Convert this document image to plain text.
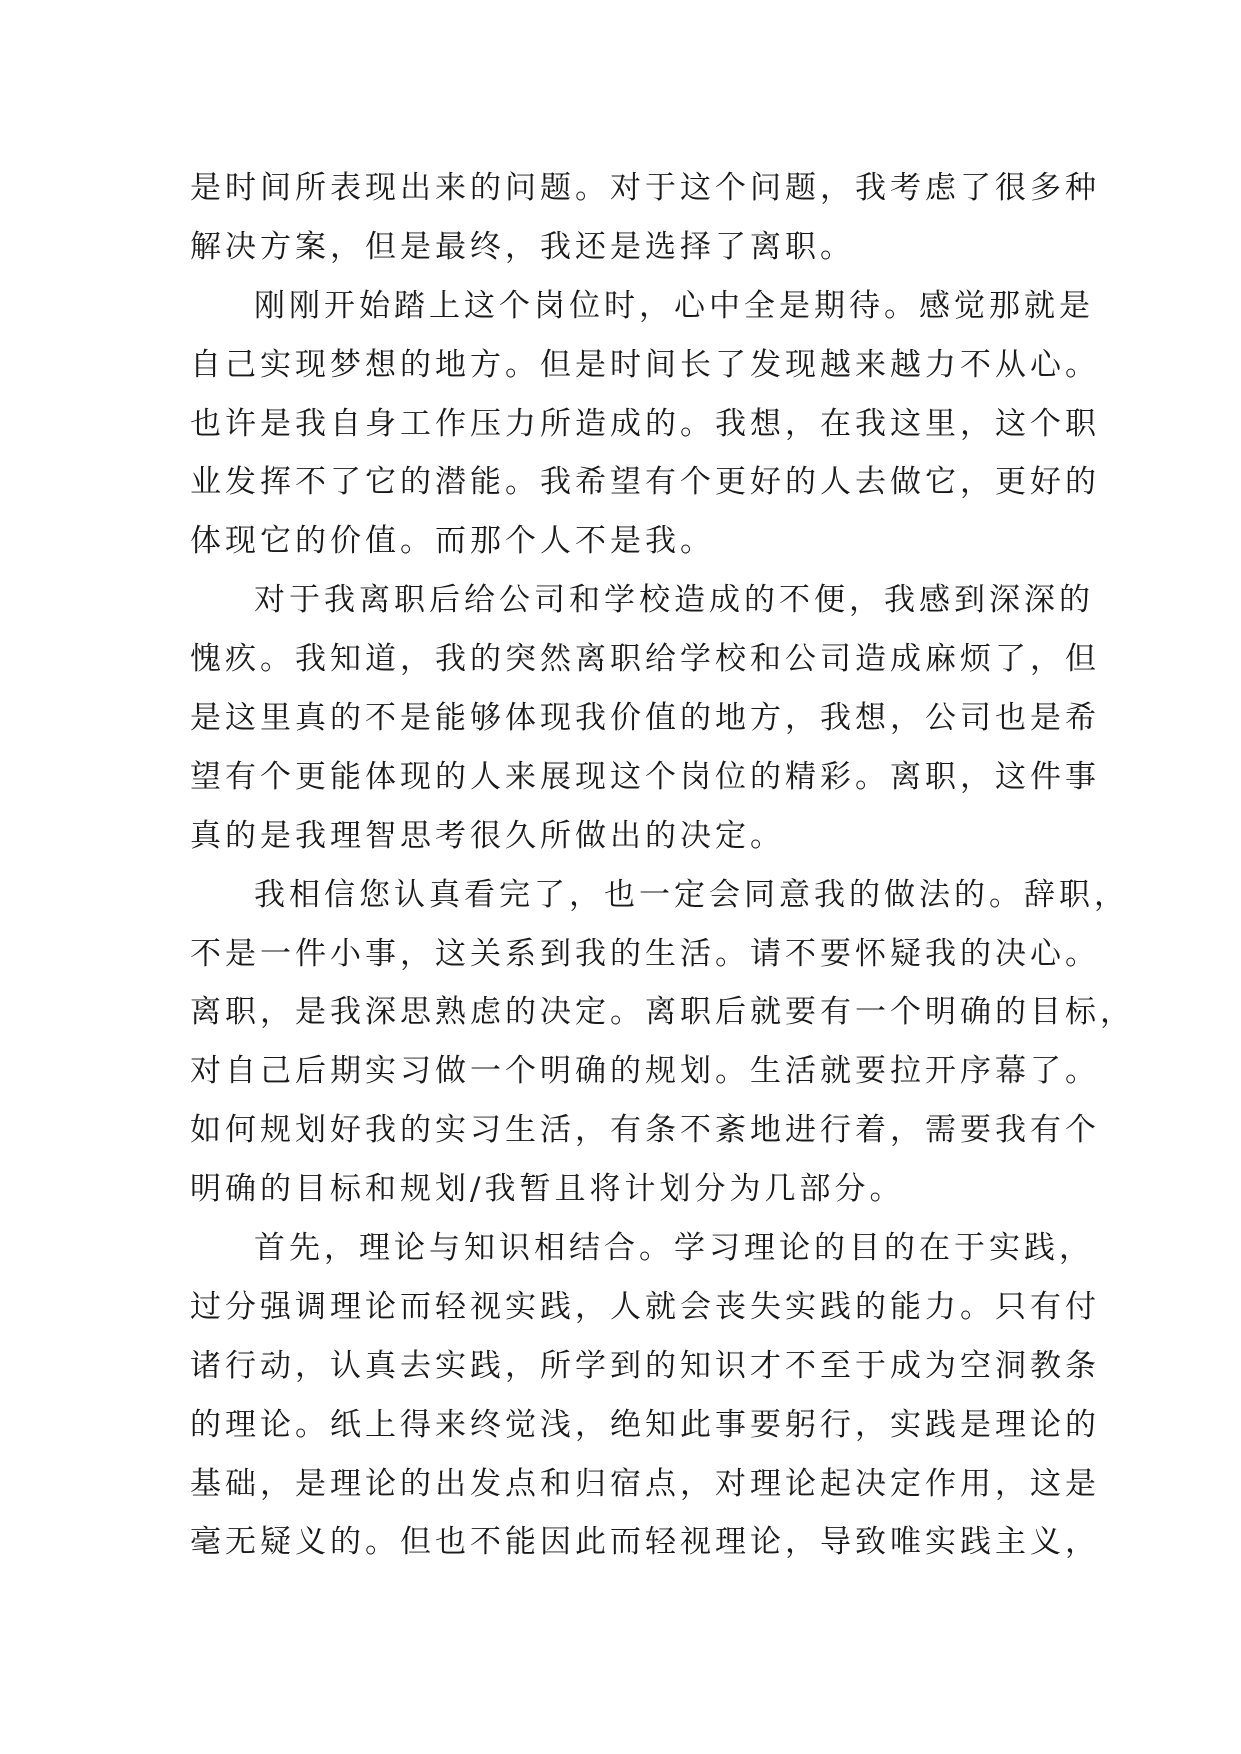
是时间所表现出来的问题。对于这个问题，我考虑了很多种
解决方案，但是最终，我还是选择了离职。
刚刚开始踏上这个岗位时，心中全是期待。感觉那就是
自己实现梦想的地方。但是时间长了发现越来越力不从心。
也许是我自身工作压力所造成的。我想，在我这里，这个职
业发挥不了它的潜能。我希望有个更好的人去做它，更好的
体现它的价值。而那个人不是我。
对于我离职后给公司和学校造成的不便，我感到深深的
愧疚。我知道，我的突然离职给学校和公司造成麻烦了，但
是这里真的不是能够体现我价值的地方，我想，公司也是希
望有个更能体现的人来展现这个岗位的精彩。离职，这件事
真的是我理智思考很久所做出的决定。
我相信您认真看完了，也一定会同意我的做法的。辞职，
不是一件小事，这关系到我的生活。请不要怀疑我的决心。
离职，是我深思熟虑的决定。离职后就要有一个明确的目标，
对自己后期实习做一个明确的规划。生活就要拉开序幕了。
如何规划好我的实习生活，有条不紊地进行着，需要我有个
明确的目标和规划/我暂且将计划分为几部分。
首先，理论与知识相结合。学习理论的目的在于实践，
过分强调理论而轻视实践，人就会丧失实践的能力。只有付
诸行动，认真去实践，所学到的知识才不至于成为空洞教条
的理论。纸上得来终觉浅，绝知此事要躬行，实践是理论的
基础，是理论的出发点和归宿点，对理论起决定作用，这是
毫无疑义的。但也不能因此而轻视理论，导致唯实践主义，
